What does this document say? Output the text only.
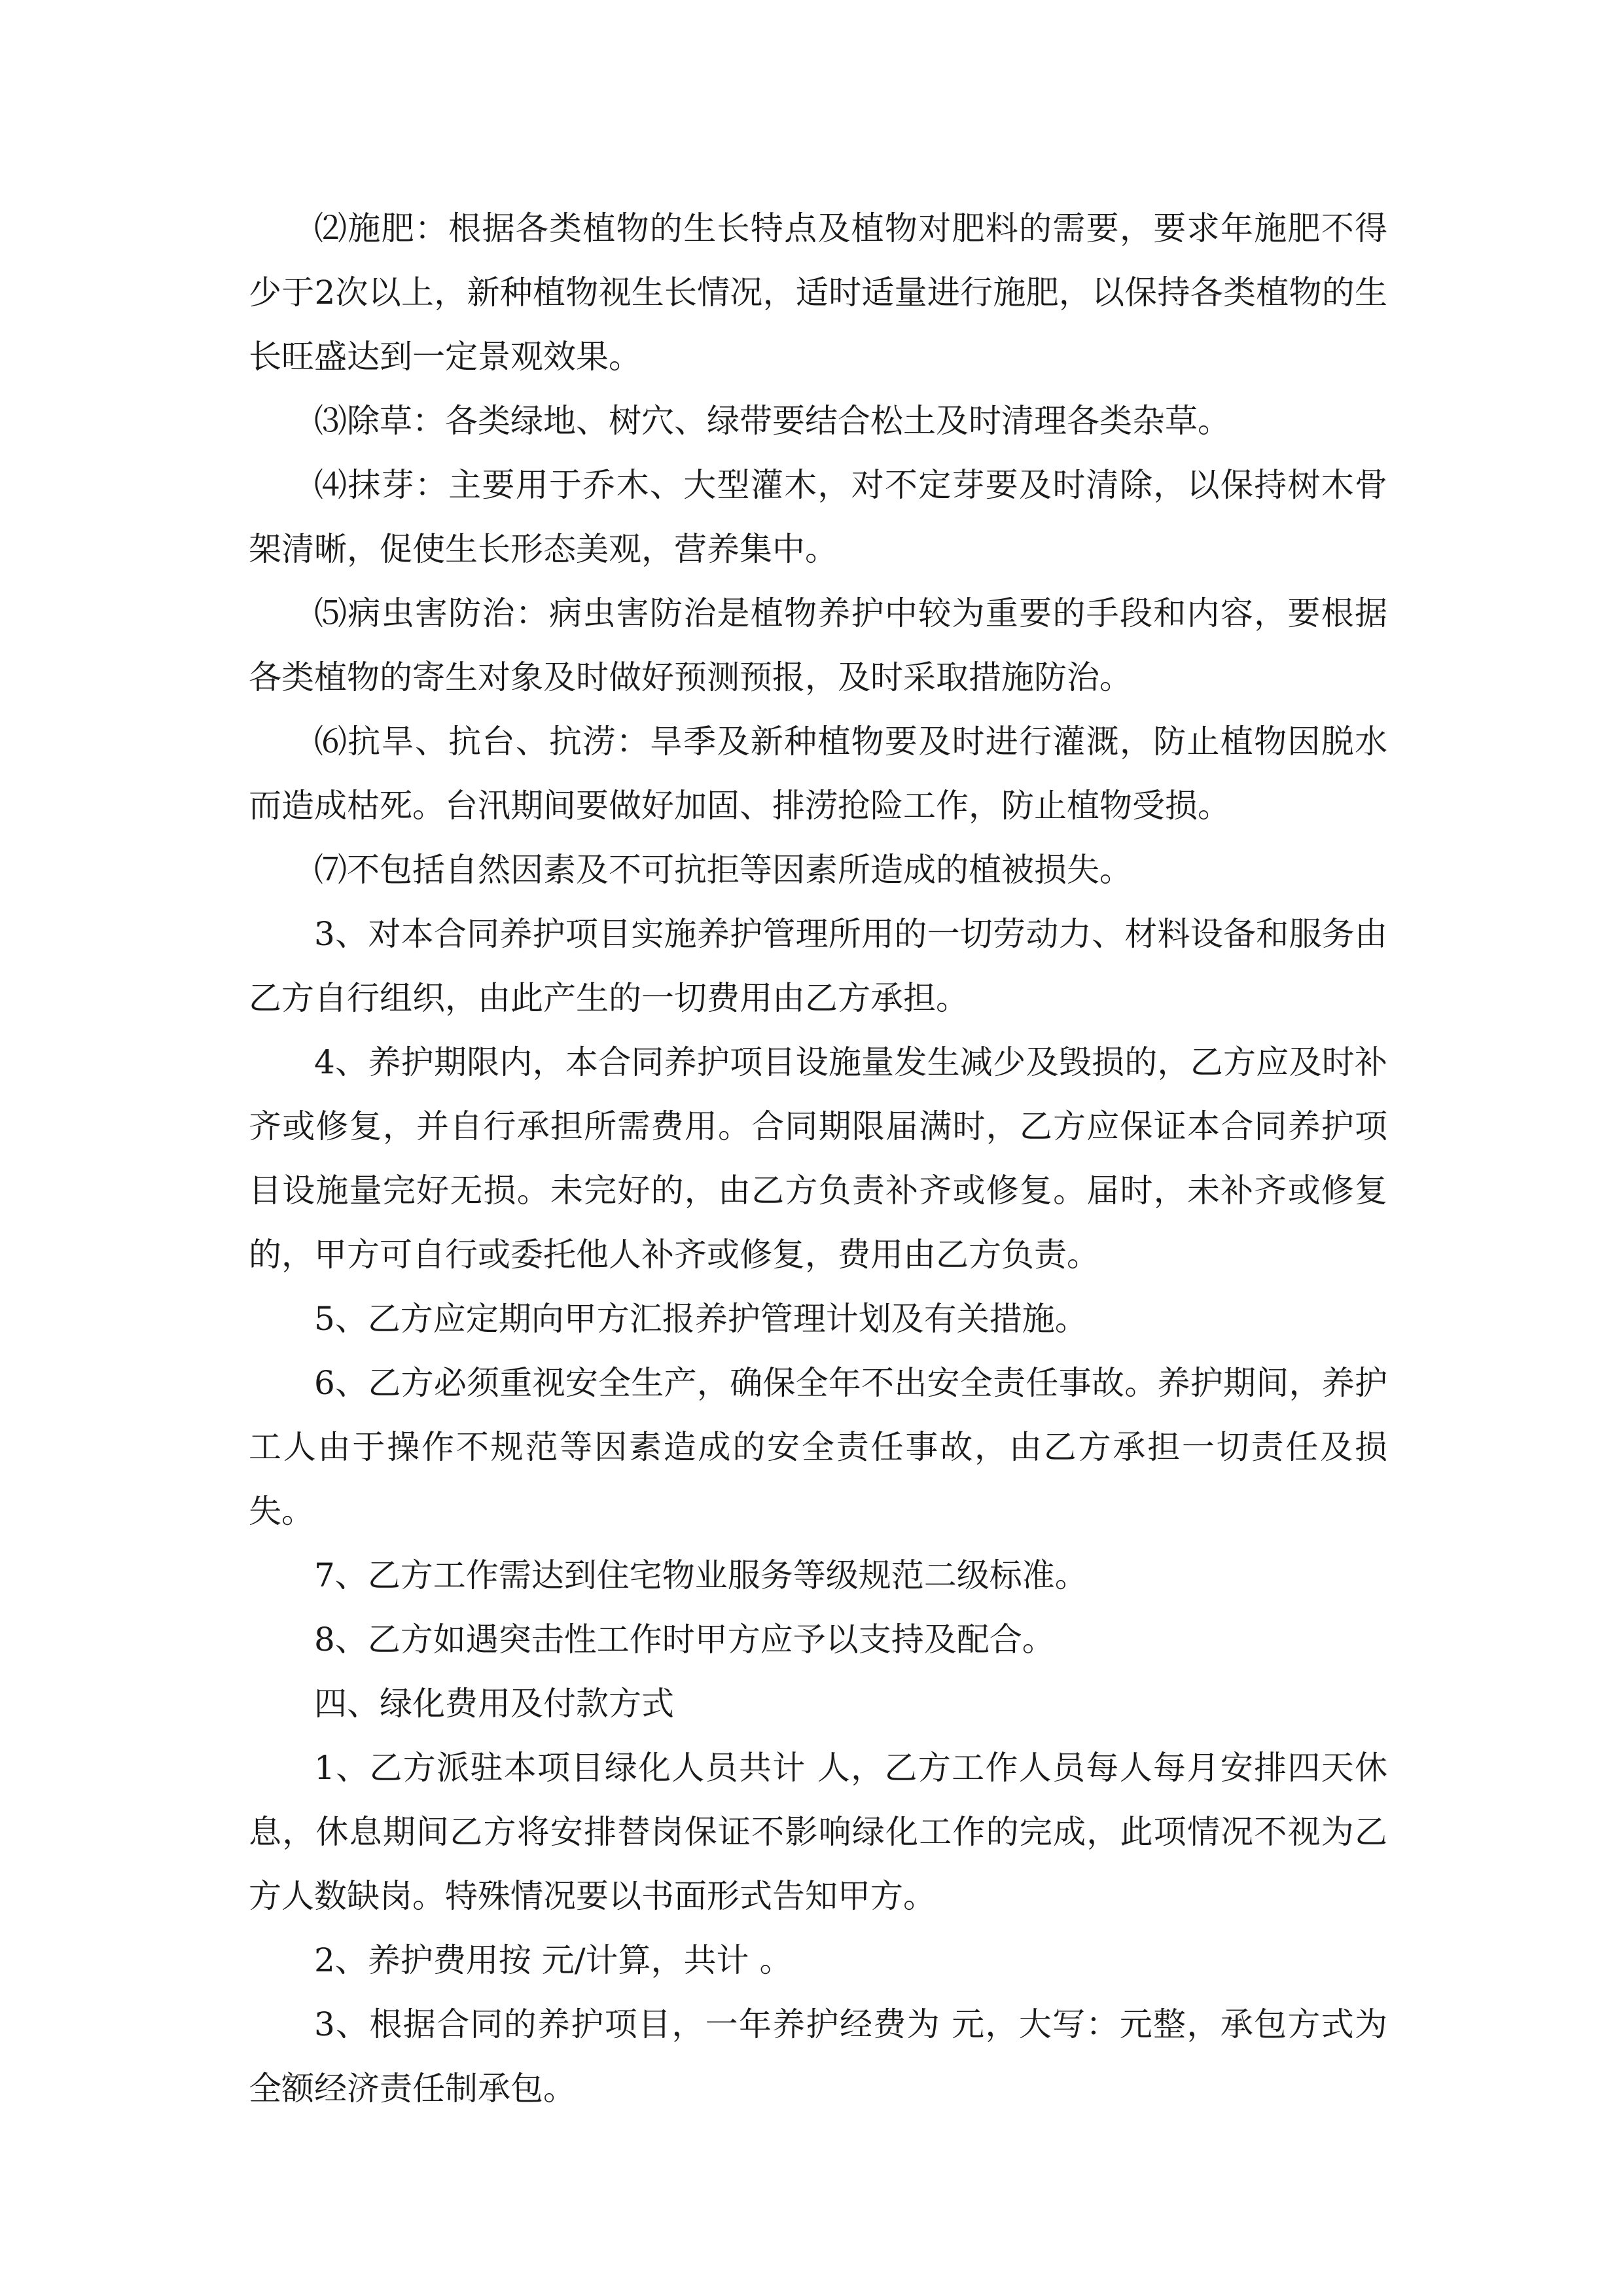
⑵施肥：根据各类植物的生长特点及植物对肥料的需要，要求年施肥不得少于2次以上，新种植物视生长情况，适时适量进行施肥，以保持各类植物的生长旺盛达到一定景观效果。

⑶除草：各类绿地、树穴、绿带要结合松土及时清理各类杂草。

⑷抹芽：主要用于乔木、大型灌木，对不定芽要及时清除，以保持树木骨架清晰，促使生长形态美观，营养集中。

⑸病虫害防治：病虫害防治是植物养护中较为重要的手段和内容，要根据各类植物的寄生对象及时做好预测预报，及时采取措施防治。

⑹抗旱、抗台、抗涝：旱季及新种植物要及时进行灌溉，防止植物因脱水而造成枯死。台汛期间要做好加固、排涝抢险工作，防止植物受损。

⑺不包括自然因素及不可抗拒等因素所造成的植被损失。

3、对本合同养护项目实施养护管理所用的一切劳动力、材料设备和服务由乙方自行组织，由此产生的一切费用由乙方承担。

4、养护期限内，本合同养护项目设施量发生减少及毁损的，乙方应及时补齐或修复，并自行承担所需费用。合同期限届满时，乙方应保证本合同养护项目设施量完好无损。未完好的，由乙方负责补齐或修复。届时，未补齐或修复的，甲方可自行或委托他人补齐或修复，费用由乙方负责。

5、乙方应定期向甲方汇报养护管理计划及有关措施。

6、乙方必须重视安全生产，确保全年不出安全责任事故。养护期间，养护工人由于操作不规范等因素造成的安全责任事故，由乙方承担一切责任及损失。

7、乙方工作需达到住宅物业服务等级规范二级标准。

8、乙方如遇突击性工作时甲方应予以支持及配合。

四、绿化费用及付款方式

1、乙方派驻本项目绿化人员共计 人，乙方工作人员每人每月安排四天休息，休息期间乙方将安排替岗保证不影响绿化工作的完成，此项情况不视为乙方人数缺岗。特殊情况要以书面形式告知甲方。

2、养护费用按 元/计算，共计 。

3、根据合同的养护项目，一年养护经费为 元，大写：元整，承包方式为全额经济责任制承包。
